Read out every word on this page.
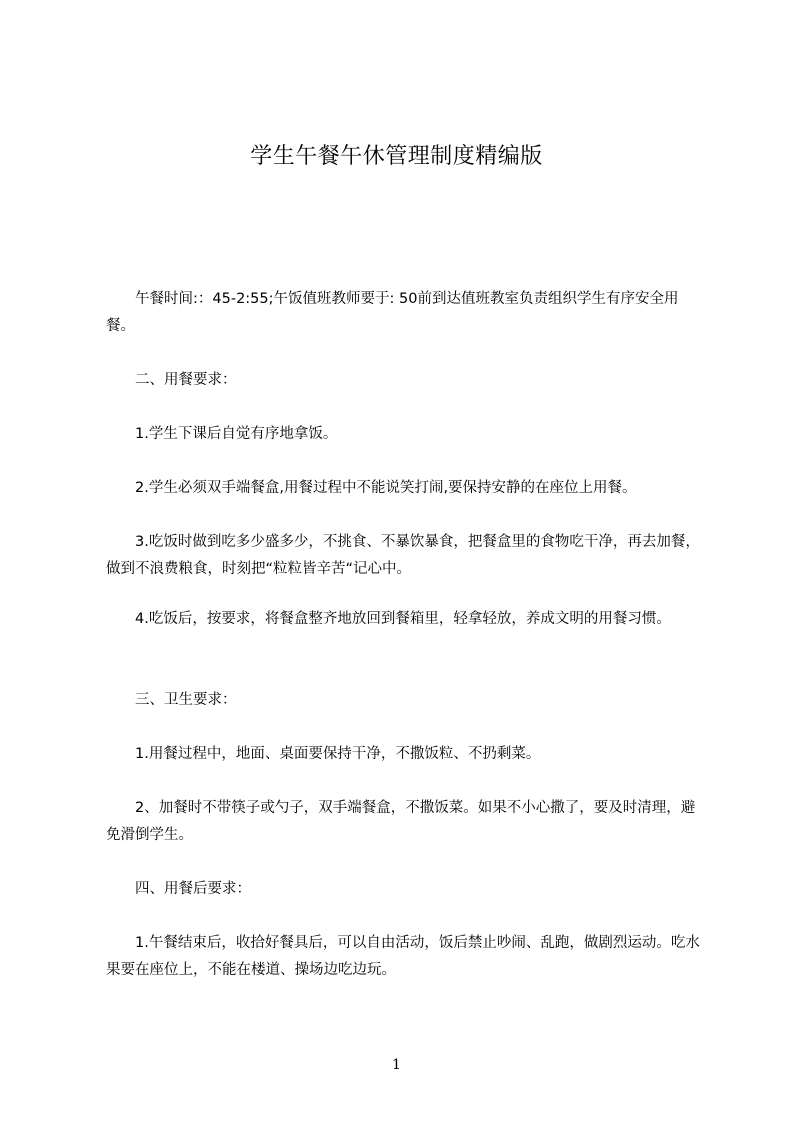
学生午餐午休管理制度精编版
　　午餐时间:：45-2:55;午饭值班教师要于: 50前到达值班教室负责组织学生有序安全用餐。
　　二、用餐要求：
　　1.学生下课后自觉有序地拿饭。
　　2.学生必须双手端餐盒,用餐过程中不能说笑打闹,要保持安静的在座位上用餐。
　　3.吃饭时做到吃多少盛多少，不挑食、不暴饮暴食，把餐盒里的食物吃干净，再去加餐，做到不浪费粮食，时刻把“粒粒皆辛苦“记心中。
　　4.吃饭后，按要求，将餐盒整齐地放回到餐箱里，轻拿轻放，养成文明的用餐习惯。
　　三、卫生要求：
　　1.用餐过程中，地面、桌面要保持干净，不撒饭粒、不扔剩菜。
　　2、加餐时不带筷子或勺子，双手端餐盒，不撒饭菜。如果不小心撒了，要及时清理，避免滑倒学生。
　　四、用餐后要求：
　　1.午餐结束后，收拾好餐具后，可以自由活动，饭后禁止吵闹、乱跑，做剧烈运动。吃水果要在座位上，不能在楼道、操场边吃边玩。
1
